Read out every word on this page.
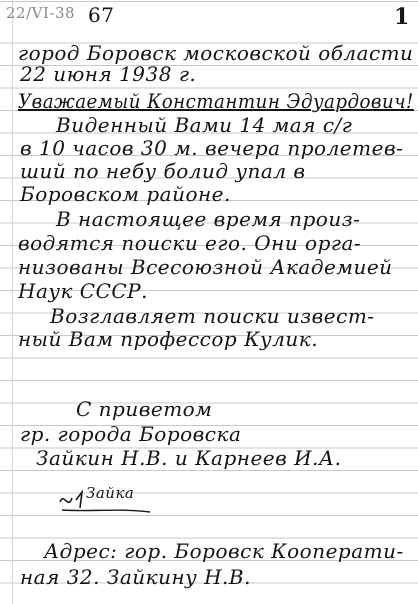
22/VI-38 67	1
город Боровск московской области
22 июня 1938 г.
Уважаемый Константин Эдуардович!
Виденный Вами 14 мая с/г
в 10 часов 30 м. вечера пролетев-
ший по небу болид упал в
Боровском районе.
В настоящее время произ-
водятся поиски его. Они орга-
низованы Всесоюзной Академией
Наук СССР.
Возглавляет поиски извест-
ный Вам профессор Кулик.
С приветом
гр. города Боровска
Зайкин Н.В. и Карнеев И.А.
Зайка
Адрес: гор. Боровск Кооперати-
ная 32. Зайкину Н.В.
